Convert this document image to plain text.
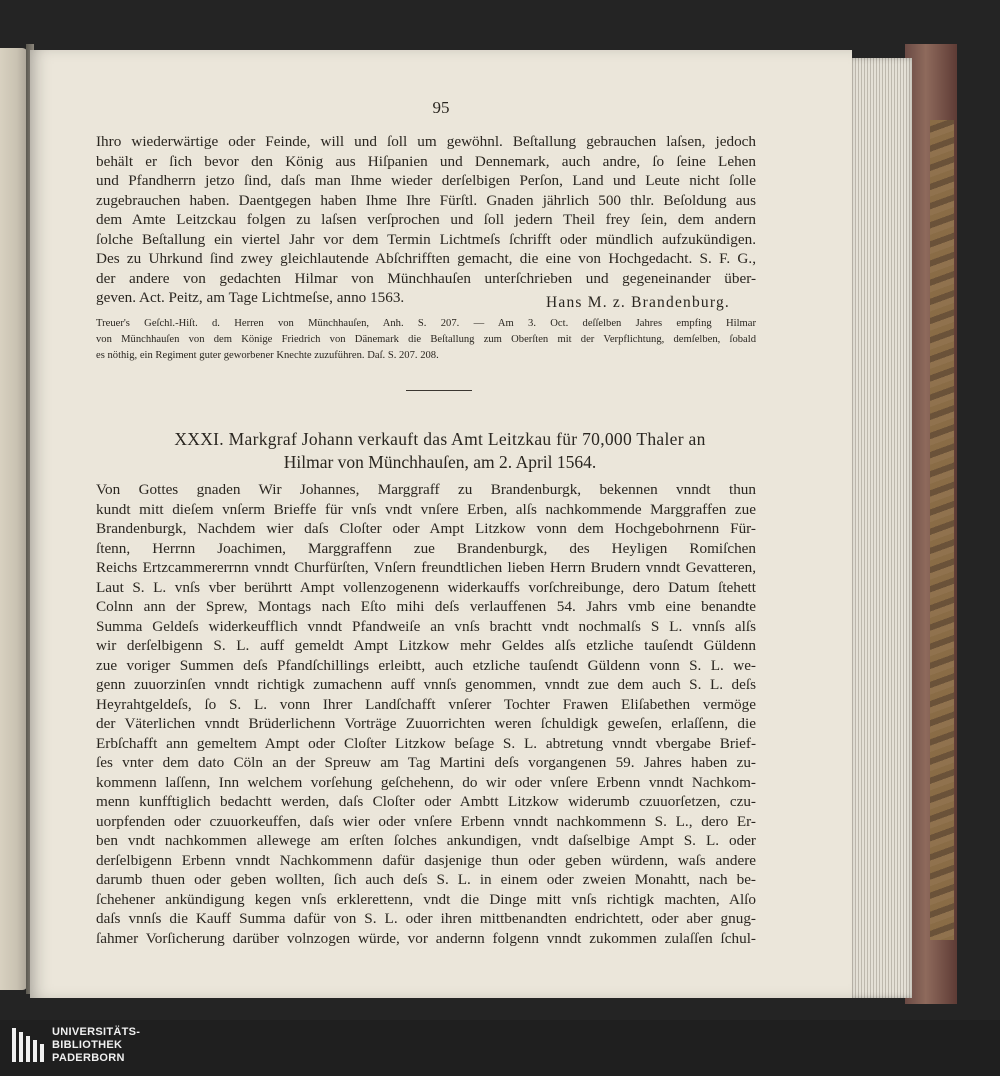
95
Ihro wiederwärtige oder Feinde, will und ſoll um gewöhnl. Beſtallung gebrauchen laſsen, jedoch
behält er ſich bevor den König aus Hiſpanien und Dennemark, auch andre, ſo ſeine Lehen
und Pfandherrn jetzo ſind, daſs man Ihme wieder derſelbigen Perſon, Land und Leute nicht ſolle
zugebrauchen haben. Daentgegen haben Ihme Ihre Fürſtl. Gnaden jährlich 500 thlr. Beſoldung aus
dem Amte Leitzckau folgen zu laſsen verſprochen und ſoll jedern Theil frey ſein, dem andern
ſolche Beſtallung ein viertel Jahr vor dem Termin Lichtmeſs ſchrifft oder mündlich aufzukündigen.
Des zu Uhrkund ſind zwey gleichlautende Abſchrifften gemacht, die eine von Hochgedacht. S. F. G.,
der andere von gedachten Hilmar von Münchhauſen unterſchrieben und gegeneinander über-
geven. Act. Peitz, am Tage Lichtmeſse, anno 1563.	Hans M. z. Brandenburg.
Treuer's Geſchl.-Hiſt. d. Herren von Münchhauſen, Anh. S. 207. — Am 3. Oct. deſſelben Jahres empfing Hilmar
von Münchhauſen von dem Könige Friedrich von Dänemark die Beſtallung zum Oberſten mit der Verpflichtung, demſelben, ſobald
es nöthig, ein Regiment guter geworbener Knechte zuzuführen. Daſ. S. 207. 208.
XXXI. Markgraf Johann verkauft das Amt Leitzkau für 70,000 Thaler an
Hilmar von Münchhauſen, am 2. April 1564.
Von Gottes gnaden Wir Johannes, Marggraff zu Brandenburgk, bekennen vnndt thun
kundt mitt dieſem vnſerm Brieffe für vnſs vndt vnſere Erben, alſs nachkommende Marggraffen zue
Brandenburgk, Nachdem wier daſs Cloſter oder Ampt Litzkow vonn dem Hochgebohrnenn Für-
ſtenn, Herrnn Joachimen, Marggraffenn zue Brandenburgk, des Heyligen Romiſchen
Reichs Ertzcammererrnn vnndt Churfürſten, Vnſern freundtlichen lieben Herrn Brudern vnndt Gevatteren,
Laut S. L. vnſs vber berührtt Ampt vollenzogenenn widerkauffs vorſchreibunge, dero Datum ſtehett
Colnn ann der Sprew, Montags nach Eſto mihi deſs verlauffenen 54. Jahrs vmb eine benandte
Summa Geldeſs widerkeufflich vnndt Pfandweiſe an vnſs brachtt vndt nochmalſs S L. vnnſs alſs
wir derſelbigenn S. L. auff gemeldt Ampt Litzkow mehr Geldes alſs etzliche tauſendt Güldenn
zue voriger Summen deſs Pfandſchillings erleibtt, auch etzliche tauſendt Güldenn vonn S. L. we-
genn zuuorzinſen vnndt richtigk zumachenn auff vnnſs genommen, vnndt zue dem auch S. L. deſs
Heyrahtgeldeſs, ſo S. L. vonn Ihrer Landſchafft vnſerer Tochter Frawen Eliſabethen vermöge
der Väterlichen vnndt Brüderlichenn Vorträge Zuuorrichten weren ſchuldigk geweſen, erlaſſenn, die
Erbſchafft ann gemeltem Ampt oder Cloſter Litzkow beſage S. L. abtretung vnndt vbergabe Brief-
ſes vnter dem dato Cöln an der Spreuw am Tag Martini deſs vorgangenen 59. Jahres haben zu-
kommenn laſſenn, Inn welchem vorſehung geſchehenn, do wir oder vnſere Erbenn vnndt Nachkom-
menn kunfftiglich bedachtt werden, daſs Cloſter oder Ambtt Litzkow widerumb czuuorſetzen, czu-
uorpfenden oder czuuorkeuffen, daſs wier oder vnſere Erbenn vnndt nachkommenn S. L., dero Er-
ben vndt nachkommen allewege am erſten ſolches ankundigen, vndt daſselbige Ampt S. L. oder
derſelbigenn Erbenn vnndt Nachkommenn dafür dasjenige thun oder geben würdenn, waſs andere
darumb thuen oder geben wollten, ſich auch deſs S. L. in einem oder zweien Monahtt, nach be-
ſchehener ankündigung kegen vnſs erklerettenn, vndt die Dinge mitt vnſs richtigk machten, Alſo
daſs vnnſs die Kauff Summa dafür von S. L. oder ihren mittbenandten endrichtett, oder aber gnug-
ſahmer Vorſicherung darüber volnzogen würde, vor andernn folgenn vnndt zukommen zulaſſen ſchul-
UNIVERSITÄTS-
BIBLIOTHEK
PADERBORN
